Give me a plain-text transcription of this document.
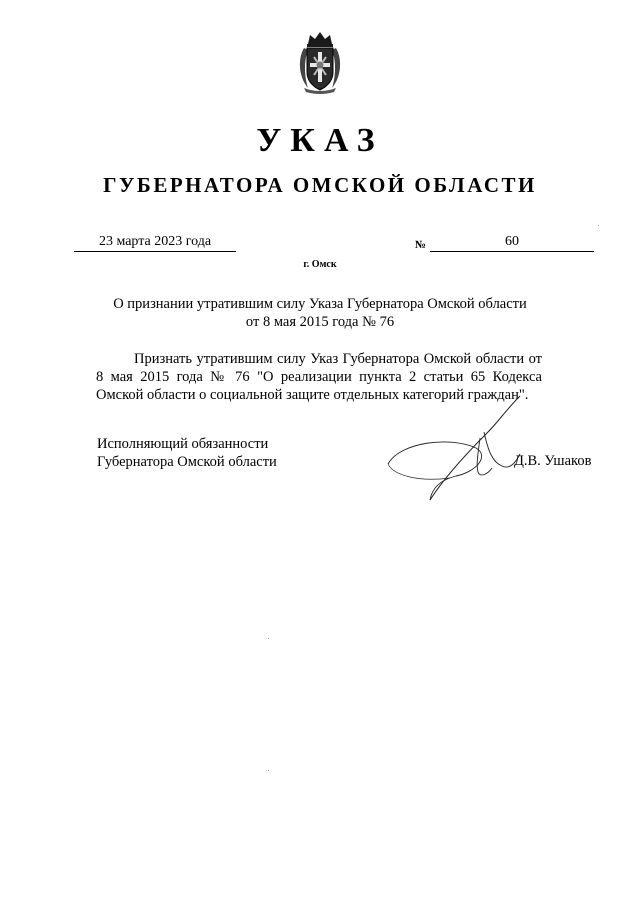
УКАЗ
ГУБЕРНАТОРА ОМСКОЙ ОБЛАСТИ
23 марта 2023 года	№	60
г. Омск
О признании утратившим силу Указа Губернатора Омской области
от 8 мая 2015 года № 76
Признать утратившим силу Указ Губернатора Омской области от 8 мая 2015 года № 76 "О реализации пункта 2 статьи 65 Кодекса Омской области о социальной защите отдельных категорий граждан".
Исполняющий обязанности
Губернатора Омской области	Д.В. Ушаков
